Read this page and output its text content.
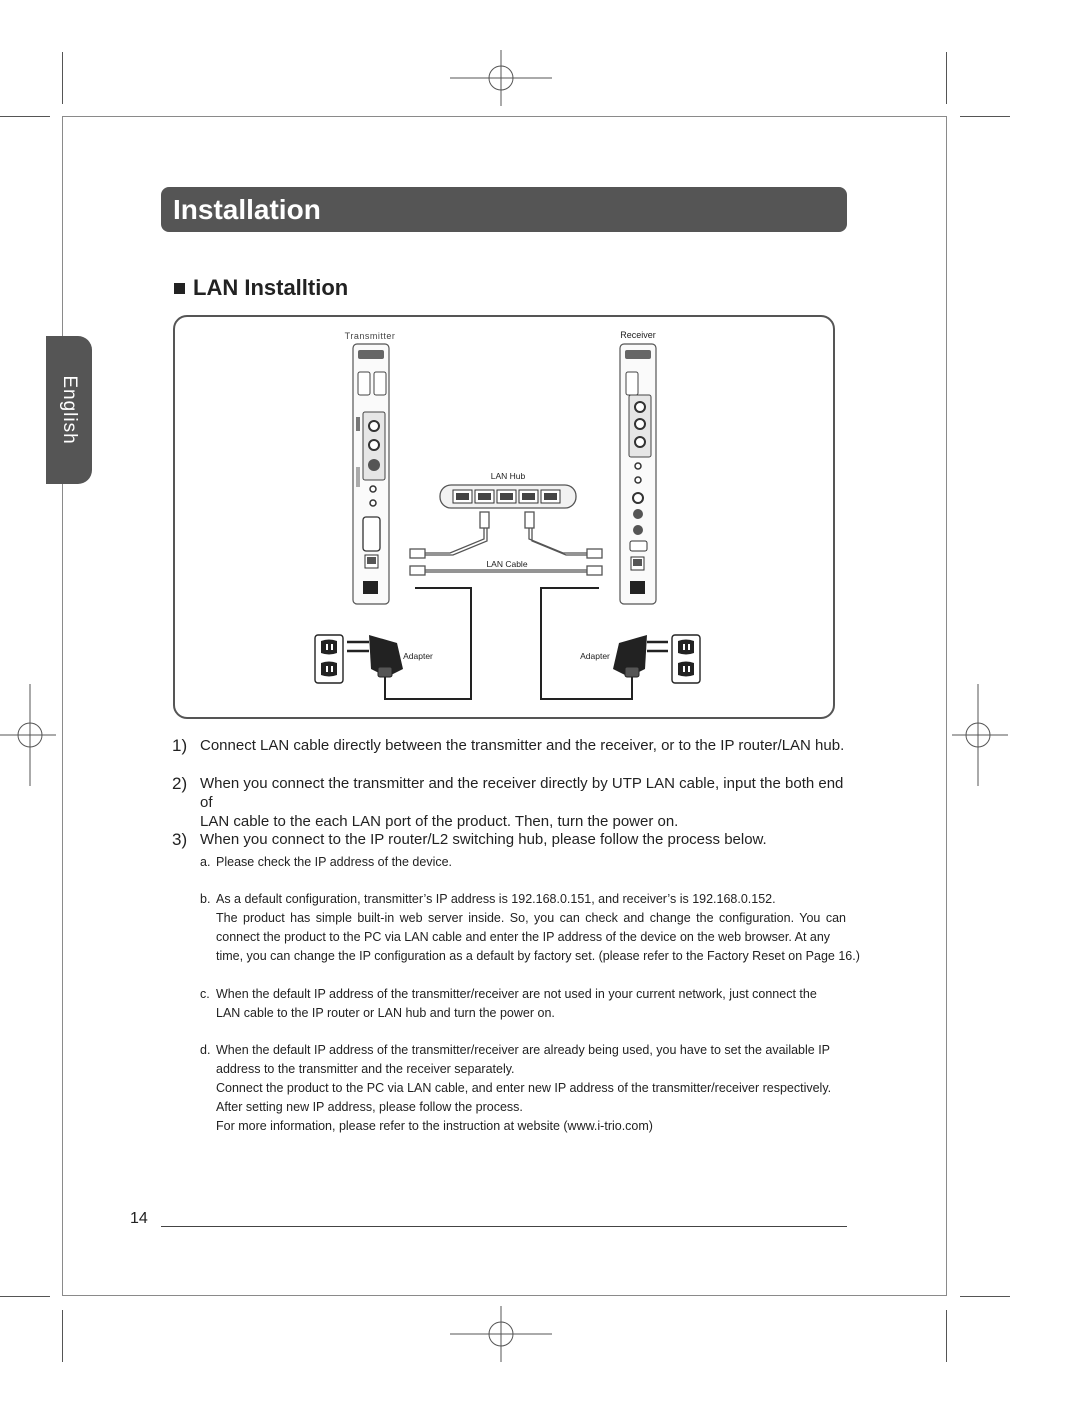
English
Installation
LAN Installtion
Transmitter	Receiver
LAN Hub
LAN Cable
Adapter	Adapter
1) Connect LAN cable directly between the transmitter and the receiver, or to the IP router/LAN hub.
2) When you connect the transmitter and the receiver directly by UTP LAN cable, input the both end of
LAN cable to the each LAN port of the product. Then, turn the power on.
3) When you connect to the IP router/L2 switching hub, please follow the process below.
a. Please check the IP address of the device.
b. As a default configuration, transmitter’s IP address is 192.168.0.151, and receiver’s is 192.168.0.152.
The product has simple built-in web server inside. So, you can check and change the configuration. You can
connect the product to the PC via LAN cable and enter the IP address of the device on the web browser. At any
time, you can change the IP configuration as a default by factory set. (please refer to the Factory Reset on Page 16.)
c. When the default IP address of the transmitter/receiver are not used in your current network, just connect the
LAN cable to the IP router or LAN hub and turn the power on.
d. When the default IP address of the transmitter/receiver are already being used, you have to set the available IP
address to the transmitter and the receiver separately.
Connect the product to the PC via LAN cable, and enter new IP address of the transmitter/receiver respectively.
After setting new IP address, please follow the process.
For more information, please refer to the instruction at website (www.i-trio.com)
14
